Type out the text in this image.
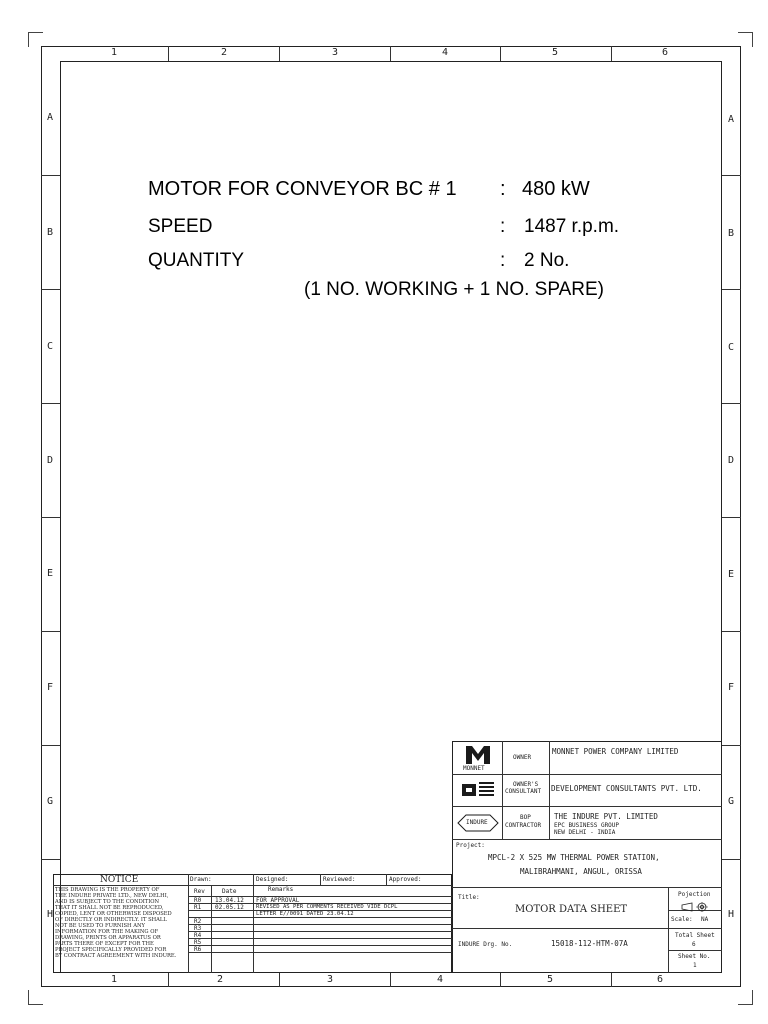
1	2	3	4	5	6
1	2	3	4	5	6
A
B
C
D
E
F
G
H
A
B
C
D
E
F
G
H
MOTOR FOR CONVEYOR BC # 1 : 480 kW
SPEED	: 1487 r.p.m.
QUANTITY	: 2 No.
(1 NO. WORKING + 1 NO. SPARE)
MONNET
OWNER
MONNET POWER COMPANY LIMITED
OWNER'S
CONSULTANT DEVELOPMENT CONSULTANTS PVT. LTD.
INDURE
BOP
CONTRACTOR
THE INDURE PVT. LIMITED
EPC BUSINESS GROUP
NEW DELHI - INDIA
Project:
MPCL-2 X 525 MW THERMAL POWER STATION,
MALIBRAHMANI, ANGUL, ORISSA
Title:
MOTOR DATA SHEET
Pojection
Scale: NA
INDURE Drg. No.	15018-112-HTM-07A
Total Sheet
6
Sheet No.
1
NOTICE
THIS DRAWING IS THE PROPERTY OF
THE INDURE PRIVATE LTD., NEW DELHI,
AND IS SUBJECT TO THE CONDITION
THAT IT SHALL NOT BE REPRODUCED,
COPIED, LENT OR OTHERWISE DISPOSED
OF DIRECTLY OR INDIRECTLY. IT SHALL
NOT BE USED TO FURNISH ANY
INFORMATION FOR THE MAKING OF
DRAWING, PRINTS OR APPARATUS OR
PARTS THERE OF EXCEPT FOR THE
PROJECT SPECIFICALLY PROVIDED FOR
BY CONTRACT AGREEMENT WITH INDURE.
Drawn:	Designed:	Reviewed:	Approved:
Rev	Date	Remarks
R0 13.04.12 FOR APPROVAL
R1 02.05.12 REVISED AS PER COMMENTS RECEIVED VIDE DCPL
LETTER E//0091 DATED 23.04.12
R2
R3
R4
R5
R6
